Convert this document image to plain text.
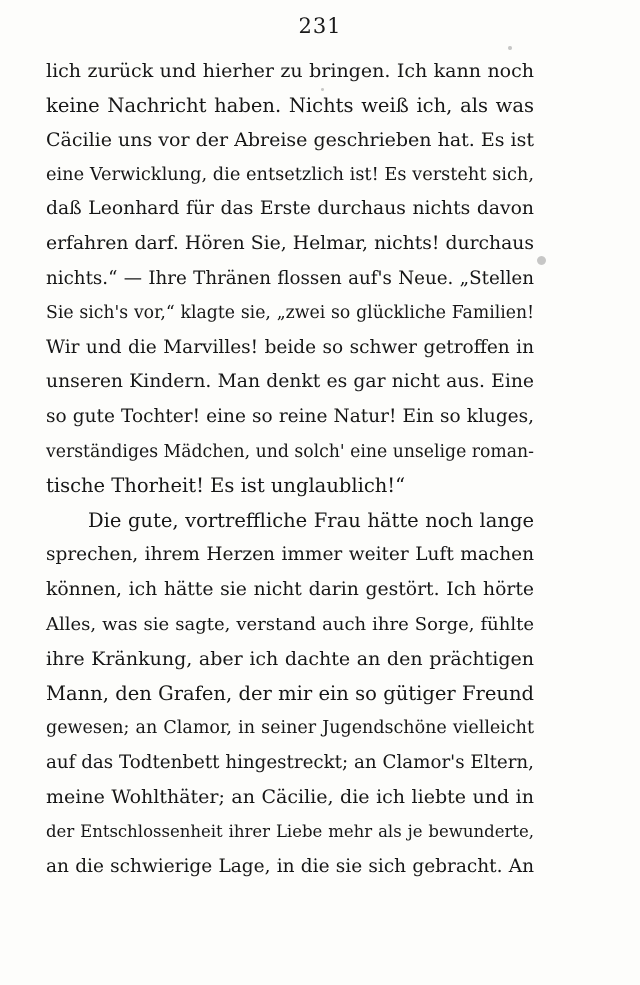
231
lich zurück und hierher zu bringen. Ich kann noch
keine Nachricht haben. Nichts weiß ich, als was
Cäcilie uns vor der Abreise geschrieben hat. Es ist
eine Verwicklung, die entsetzlich ist! Es versteht sich,
daß Leonhard für das Erste durchaus nichts davon
erfahren darf. Hören Sie, Helmar, nichts! durchaus
nichts.“ — Ihre Thränen flossen auf's Neue. „Stellen
Sie sich's vor,“ klagte sie, „zwei so glückliche Familien!
Wir und die Marvilles! beide so schwer getroffen in
unseren Kindern. Man denkt es gar nicht aus. Eine
so gute Tochter! eine so reine Natur! Ein so kluges,
verständiges Mädchen, und solch' eine unselige roman-
tische Thorheit! Es ist unglaublich!“
Die gute, vortreffliche Frau hätte noch lange
sprechen, ihrem Herzen immer weiter Luft machen
können, ich hätte sie nicht darin gestört. Ich hörte
Alles, was sie sagte, verstand auch ihre Sorge, fühlte
ihre Kränkung, aber ich dachte an den prächtigen
Mann, den Grafen, der mir ein so gütiger Freund
gewesen; an Clamor, in seiner Jugendschöne vielleicht
auf das Todtenbett hingestreckt; an Clamor's Eltern,
meine Wohlthäter; an Cäcilie, die ich liebte und in
der Entschlossenheit ihrer Liebe mehr als je bewunderte,
an die schwierige Lage, in die sie sich gebracht. An
